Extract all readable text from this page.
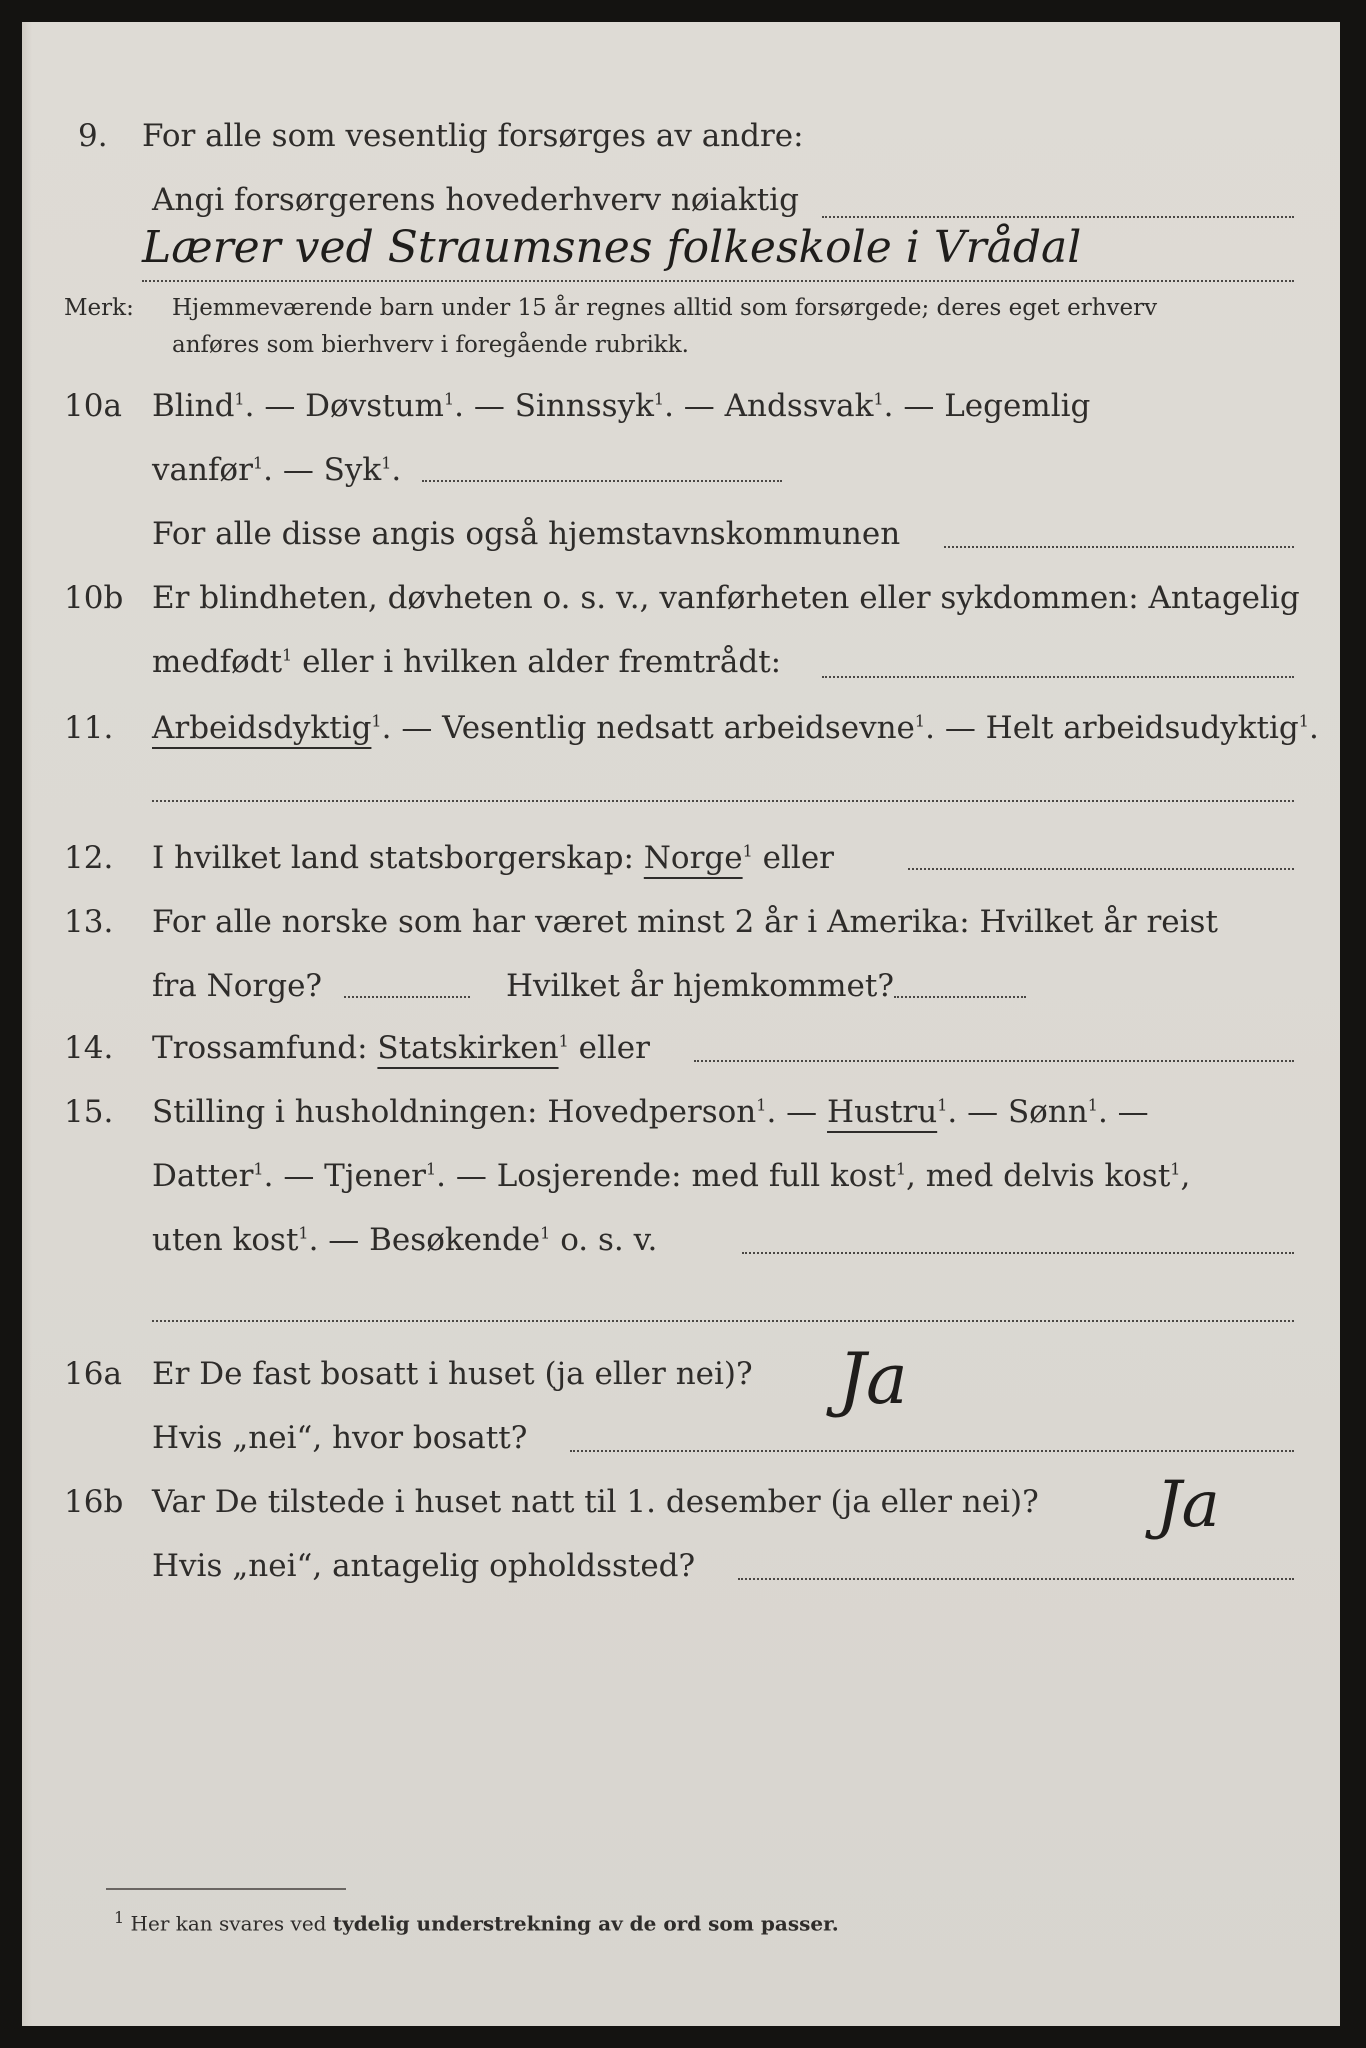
9. For alle som vesentlig forsørges av andre:
Angi forsørgerens hovederhverv nøiaktig
Lærer ved Straumsnes folkeskole i Vrådal
Merk: Hjemmeværende barn under 15 år regnes alltid som forsørgede; deres eget erhverv
anføres som bierhverv i foregående rubrikk.
10a Blind$^1$. — Døvstum$^1$. — Sinnssyk$^1$. — Andssvak$^1$. — Legemlig
vanfør$^1$. — Syk$^1$.
For alle disse angis også hjemstavnskommunen
10b Er blindheten, døvheten o. s. v., vanførheten eller sykdommen: Antagelig
medfødt$^1$ eller i hvilken alder fremtrådt:
11. Arbeidsdyktig$^1$. — Vesentlig nedsatt arbeidsevne$^1$. — Helt arbeidsudyktig$^1$.
12. I hvilket land statsborgerskap: Norge$^1$ eller
13. For alle norske som har været minst 2 år i Amerika: Hvilket år reist
fra Norge?	Hvilket år hjemkommet?
14. Trossamfund: Statskirken$^1$ eller
15. Stilling i husholdningen: Hovedperson$^1$. — Hustru$^1$. — Sønn$^1$. —
Datter$^1$. — Tjener$^1$. — Losjerende: med full kost$^1$, med delvis kost$^1$,
uten kost$^1$. — Besøkende$^1$ o. s. v.
16a Er De fast bosatt i huset (ja eller nei)? Ja
Hvis „nei“, hvor bosatt?
16b Var De tilstede i huset natt til 1. desember (ja eller nei)? Ja
Hvis „nei“, antagelig opholdssted?
$^1$ Her kan svares ved tydelig understrekning av de ord som passer.
